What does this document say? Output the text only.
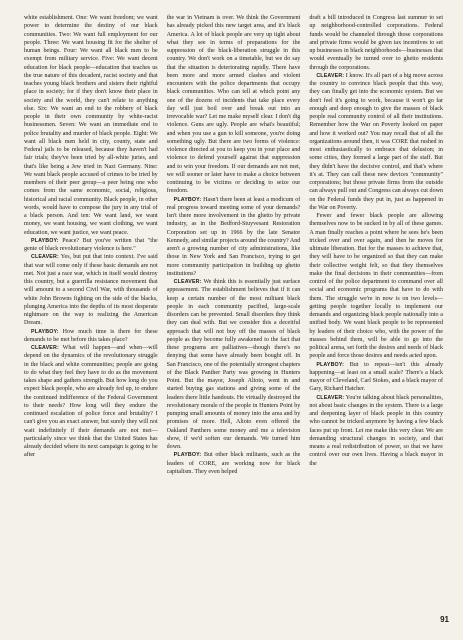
white establishment. One: We want freedom; we want power to determine the destiny of our black communities. Two: We want full employment for our people. Three: We want housing fit for the shelter of human beings. Four: We want all black men to be exempt from military service. Five: We want decent education for black people—education that teaches us the true nature of this decadent, racist society and that teaches young black brothers and sisters their rightful place in society; for if they don't know their place in society and the world, they can't relate to anything else. Six: We want an end to the robbery of black people in their own community by white-racist businessmen. Seven: We want an immediate end to police brutality and murder of black people. Eight: We want all black men held in city, county, state and Federal jails to be released, because they haven't had fair trials; they've been tried by all-white juries, and that's like being a Jew tried in Nazi Germany. Nine: We want black people accused of crimes to be tried by members of their peer group—a peer being one who comes from the same economic, social, religious, historical and racial community. Black people, in other words, would have to compose the jury in any trial of a black person. And ten: We want land, we want money, we want housing, we want clothing, we want education, we want justice, we want peace.

PLAYBOY: Peace? But you've written that "the genie of black revolutionary violence is here."

CLEAVER: Yes, but put that into context. I've said that war will come only if these basic demands are not met. Not just a race war, which in itself would destroy this country, but a guerrilla resistance movement that will amount to a second Civil War, with thousands of white John Browns fighting on the side of the blacks, plunging America into the depths of its most desperate nightmare on the way to realizing the American Dream.

PLAYBOY: How much time is there for these demands to be met before this takes place?

CLEAVER: What will happen—and when—will depend on the dynamics of the revolutionary struggle in the black and white communities; people are going to do what they feel they have to do as the movement takes shape and gathers strength. But how long do you expect black people, who are already fed up, to endure the continued indifference of the Federal Government to their needs? How long will they endure the continued escalation of police force and brutality? I can't give you an exact answer, but surely they will not wait indefinitely if their demands are not met—particularly since we think that the United States has already decided where its next campaign is going to be after

the war in Vietnam is over. We think the Government has already picked this new target area, and it's black America. A lot of black people are very up tight about what they see in terms of preparations for the suppression of the black-liberation struggle in this country. We don't work on a timetable, but we do say that the situation is deteriorating rapidly. There have been more and more armed clashes and violent encounters with the police departments that occupy black communities. Who can tell at which point any one of the dozens of incidents that take place every day will just boil over and break out into an irrevocable war? Let me make myself clear. I don't dig violence. Guns are ugly. People are what's beautiful; and when you use a gun to kill someone, you're doing something ugly. But there are two forms of violence: violence directed at you to keep you in your place and violence to defend yourself against that suppression and to win your freedom. If our demands are not met, we will sooner or later have to make a choice between continuing to be victims or deciding to seize our freedom.

PLAYBOY: Hasn't there been at least a modicum of real progress toward meeting some of your demands? Isn't there more involvement in the ghetto by private industry, as in the Bedford-Stuyvesant Restoration Corporation set up in 1966 by the late Senator Kennedy, and similar projects around the country? And aren't a growing number of city administrations, like those in New York and San Francisco, trying to get more community participation in building up ghetto institutions?

CLEAVER: We think this is essentially just surface appeasement. The establishment believes that if it can keep a certain number of the most militant black people in each community pacified, large-scale disorders can be prevented. Small disorders they think they can deal with. But we consider this a deceitful approach that will not buy off the masses of black people as they become fully awakened to the fact that these programs are palliatives—though there's no denying that some have already been bought off. In San Francisco, one of the potentially strongest chapters of the Black Panther Party was growing in Hunters Point. But the mayor, Joseph Alioto, went in and started buying gas stations and giving some of the leaders there little handouts. He virtually destroyed the revolutionary morale of the people in Hunters Point by pumping small amounts of money into the area and by promises of more. Hell, Alioto even offered the Oakland Panthers some money and me a television show, if we'd soften our demands. We turned him down.

PLAYBOY: But other black militants, such as the leaders of CORE, are working now for black capitalism. They even helped

draft a bill introduced in Congress last summer to set up neighborhood-controlled corporations. Federal funds would be channeled through those corporations and private firms would be given tax incentives to set up businesses in black neighborhoods—businesses that would eventually be turned over to ghetto residents through the corporations.

CLEAVER: I know. It's all part of a big move across the country to convince black people that this way, they can finally get into the economic system. But we don't feel it's going to work, because it won't go far enough and deep enough to give the masses of black people real community control of all their institutions. Remember how the War on Poverty looked on paper and how it worked out? You may recall that of all the organizations around then, it was CORE that rushed in most enthusiastically to embrace that delusion; in some cities, they formed a large part of the staff. But they didn't have the decisive control, and that's where it's at. They can call these new devices "community" corporations; but those private firms from the outside can always pull out and Congress can always cut down on the Federal funds they put in, just as happened in the War on Poverty.

Fewer and fewer black people are allowing themselves now to be sucked in by all of these games. A man finally reaches a point where he sees he's been tricked over and over again, and then he moves for ultimate liberation. But for the masses to achieve that, they will have to be organized so that they can make their collective weight felt, so that they themselves make the final decisions in their communities—from control of the police department to command over all social and economic programs that have to do with them. The struggle we're in now is on two levels—getting people together locally to implement our demands and organizing black people nationally into a unified body. We want black people to be represented by leaders of their choice who, with the power of the masses behind them, will be able to go into the political arena, set forth the desires and needs of black people and force those desires and needs acted upon.

PLAYBOY: But to repeat—isn't this already happening—at least on a small scale? There's a black mayor of Cleveland, Carl Stokes, and a black mayor of Gary, Richard Hatcher.

CLEAVER: You're talking about black personalities, not about basic changes in the system. There is a large and deepening layer of black people in this country who cannot be tricked anymore by having a few black faces put up front. Let me make this very clear. We are demanding structural changes in society, and that means a real redistribution of power, so that we have control over our own lives. Having a black mayor in the

91
